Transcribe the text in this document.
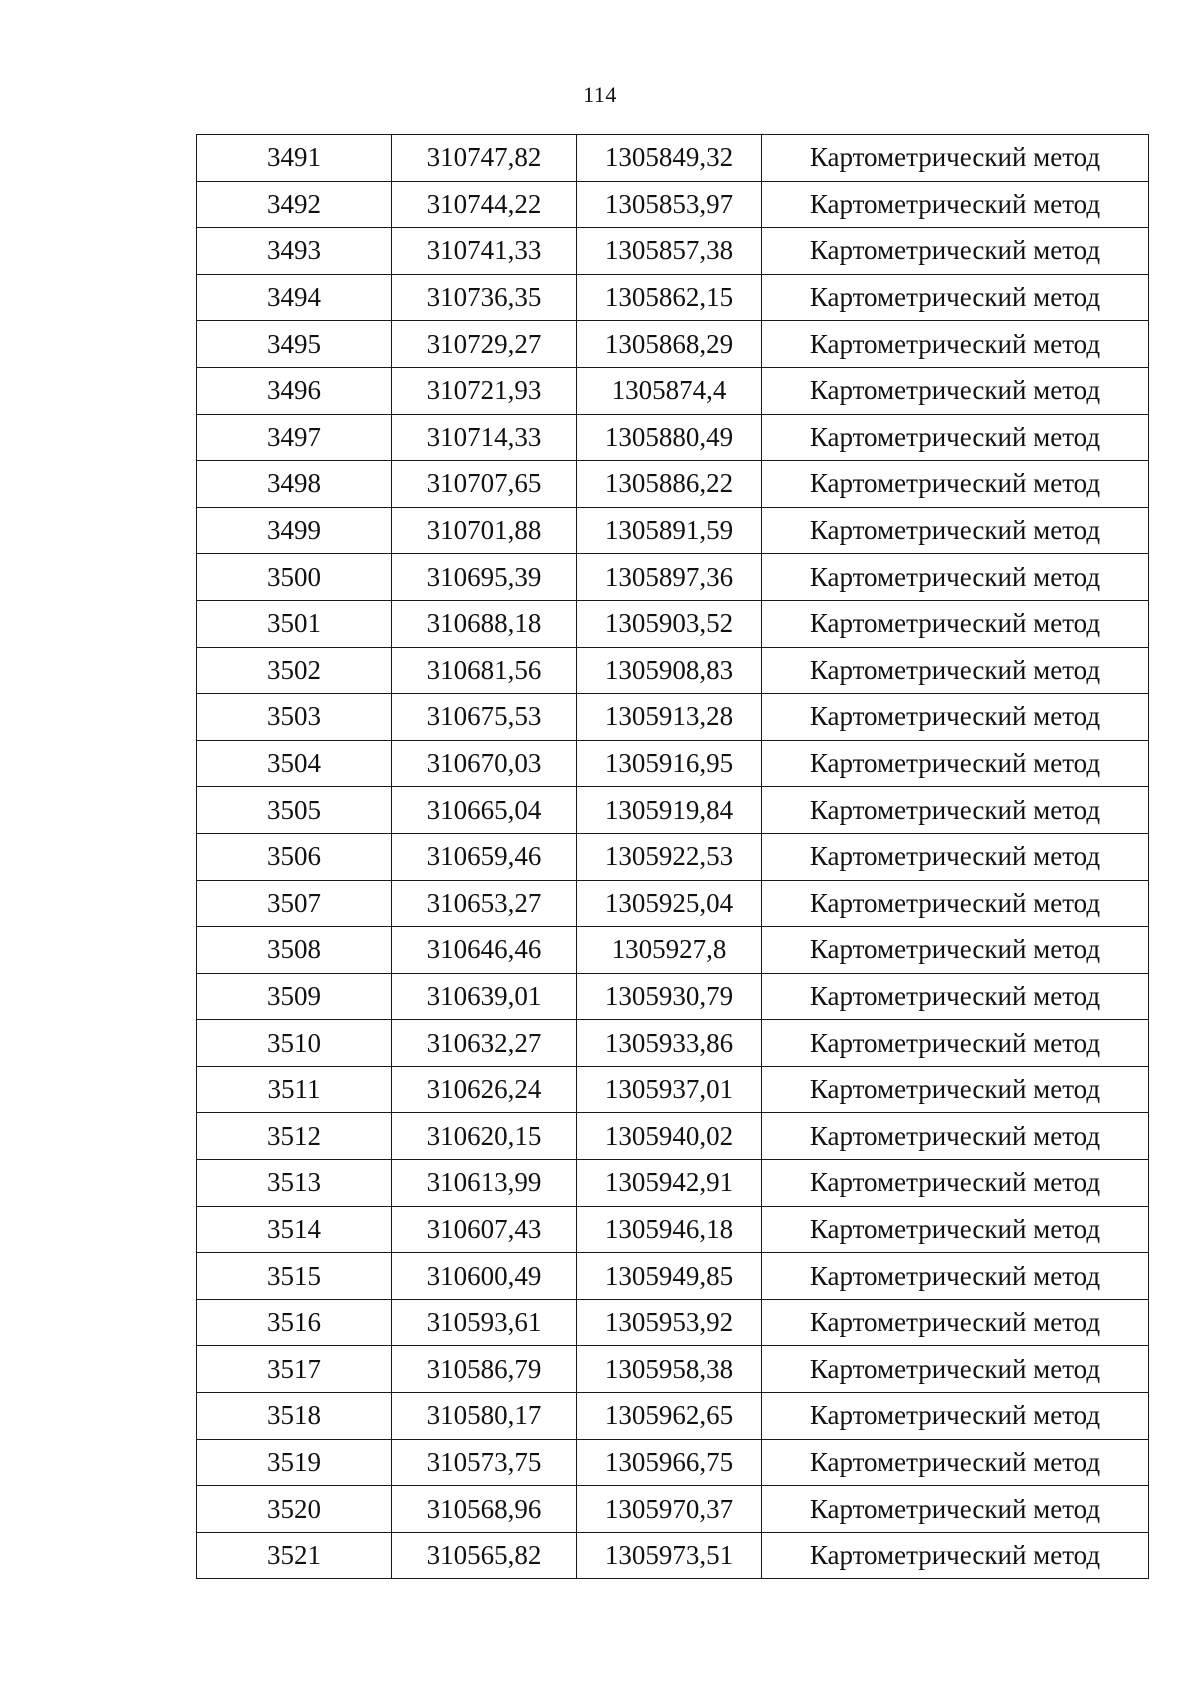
114
3491	310747,82	1305849,32	Картометрический метод
3492	310744,22	1305853,97	Картометрический метод
3493	310741,33	1305857,38	Картометрический метод
3494	310736,35	1305862,15	Картометрический метод
3495	310729,27	1305868,29	Картометрический метод
3496	310721,93	1305874,4	Картометрический метод
3497	310714,33	1305880,49	Картометрический метод
3498	310707,65	1305886,22	Картометрический метод
3499	310701,88	1305891,59	Картометрический метод
3500	310695,39	1305897,36	Картометрический метод
3501	310688,18	1305903,52	Картометрический метод
3502	310681,56	1305908,83	Картометрический метод
3503	310675,53	1305913,28	Картометрический метод
3504	310670,03	1305916,95	Картометрический метод
3505	310665,04	1305919,84	Картометрический метод
3506	310659,46	1305922,53	Картометрический метод
3507	310653,27	1305925,04	Картометрический метод
3508	310646,46	1305927,8	Картометрический метод
3509	310639,01	1305930,79	Картометрический метод
3510	310632,27	1305933,86	Картометрический метод
3511	310626,24	1305937,01	Картометрический метод
3512	310620,15	1305940,02	Картометрический метод
3513	310613,99	1305942,91	Картометрический метод
3514	310607,43	1305946,18	Картометрический метод
3515	310600,49	1305949,85	Картометрический метод
3516	310593,61	1305953,92	Картометрический метод
3517	310586,79	1305958,38	Картометрический метод
3518	310580,17	1305962,65	Картометрический метод
3519	310573,75	1305966,75	Картометрический метод
3520	310568,96	1305970,37	Картометрический метод
3521	310565,82	1305973,51	Картометрический метод
